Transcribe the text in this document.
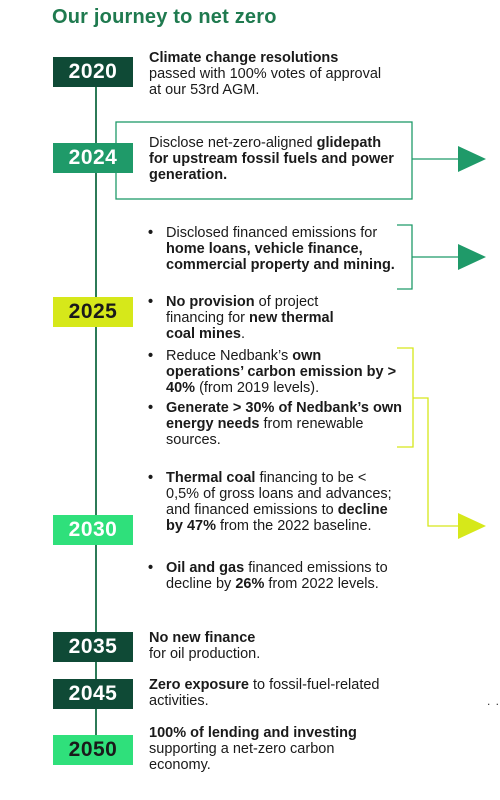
Our journey to net zero
2020
Climate change resolutions passed with 100% votes of approval at our 53rd AGM.
2024
Disclose net-zero-aligned glidepath for upstream fossil fuels and power generation.
2025
• Disclosed financed emissions for home loans, vehicle finance, commercial property and mining.
• No provision of project financing for new thermal coal mines.
• Reduce Nedbank’s own operations’ carbon emission by > 40% (from 2019 levels).
• Generate > 30% of Nedbank’s own energy needs from renewable sources.
2030
• Thermal coal financing to be < 0,5% of gross loans and advances; and financed emissions to decline by 47% from the 2022 baseline.
• Oil and gas financed emissions to decline by 26% from 2022 levels.
2035	No new finance
for oil production.
2045	Zero exposure to fossil-fuel-related activities.
2050
100% of lending and investing supporting a net-zero carbon economy.
. .
